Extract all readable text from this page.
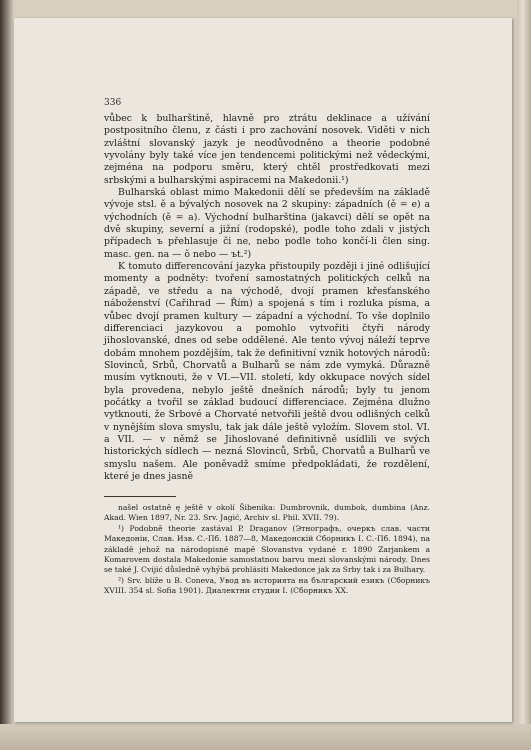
336

vůbec k bulharštině, hlavně pro ztrátu deklinace a užívání postpositního členu, z části i pro zachování nosovek. Viděti v nich zvláštní slovanský jazyk je neodůvodněno a theorie podobné vyvolány byly také více jen tendencemi politickými než vědeckými, zejména na podporu směru, který chtěl prostředkovati mezi srbskými a bulharskými aspiracemi na Makedonii.¹)

Bulharská oblast mimo Makedonii dělí se především na základě vývoje stsl. ě a bývalých nosovek na 2 skupiny: západních (ě = e) a východních (ě = a). Východní bulharština (jakavci) dělí se opět na dvě skupiny, severní a jižní (rodopské), podle toho zdali v jistých případech ъ přehlasuje či ne, nebo podle toho končí-li člen sing. masc. gen. na — ǒ nebo — ъt.²)

K tomuto differencování jazyka přistoupily později i jiné odlišující momenty a podněty: tvoření samostatných politických celků na západě, ve středu a na východě, dvojí pramen křesťanského náboženství (Cařihrad — Řím) a spojená s tím i rozluka písma, a vůbec dvojí pramen kultury — západní a východní. To vše doplnilo differenciaci jazykovou a pomohlo vytvořiti čtyři národy jihoslovanské, dnes od sebe oddělené. Ale tento vývoj náleží teprve dobám mnohem pozdějším, tak že definitivní vznik hotových národů: Slovinců, Srbů, Chorvatů a Bulharů se nám zde vymyká. Důrazně musím vytknouti, že v VI.—VII. století, kdy okkupace nových sídel byla provedena, nebylo ještě dnešních národů; byly tu jenom počátky a tvořil se základ budoucí differenciace. Zejména dlužno vytknouti, že Srbové a Chorvaté netvořili ještě dvou odlišných celků v nynějším slova smyslu, tak jak dále ještě vyložím. Slovem stol. VI. a VII. — v němž se Jihoslované definitivně usídlili ve svých historických sídlech — nezná Slovinců, Srbů, Chorvatů a Bulharů ve smyslu našem. Ale poněvadž smíme předpokládati, že rozdělení, které je dnes jasně

našel ostatně ę ještě v okolí Šibenika: Dumbrovnik, dumbok, dumbina (Anz. Akad. Wien 1897, Nr. 23. Srv. Jagić, Archiv sl. Phil. XVII. 79).

¹) Podobně theorie zastával P. Draganov (Этнографъ, очеркъ слав. части Македоніи, Слав. Изв. С.-Пб. 1887—8, Македонскій Сборникъ I. С.-Пб. 1894), na základě jehož na národopisné mapě Slovanstva vydané r. 1890 Zarjankem a Komarovem dostala Makedonie samostatnou barvu mezi slovanskými národy. Dnes se také J. Cvijić důsledně vyhýbá prohlásiti Makedonce jak za Srby tak i za Bulhary.

²) Srv. blíže u B. Conevа, Увод въ историята на българский езикъ (Сборникъ XVIII. 354 sl. Sofia 1901). Диалектни студии I. (Сборникъ XX.
